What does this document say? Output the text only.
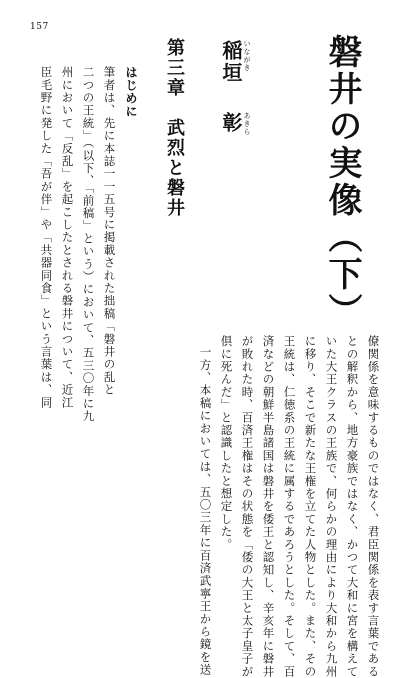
157
磐井の実像（下）
いながき
稲垣
あきら
彰
第三章　武烈と磐井
はじめに
筆者は、先に本誌一一五号に掲載された拙稿「磐井の乱と
二つの王統」（以下、「前稿」という）において、五三〇年に九
州において「反乱」を起こしたとされる磐井について、近江
臣毛野に発した「吾が伴」や「共器同食」という言葉は、同
僚関係を意味するものではなく、君臣関係を表す言葉である
との解釈から、地方豪族ではなく、かつて大和に宮を構えて
いた大王クラスの王族で、何らかの理由により大和から九州
に移り、そこで新たな王権を立てた人物とした。また、その
王統は、仁徳系の王統に属するであろうとした。そして、百
済などの朝鮮半島諸国は磐井を倭王と認知し、辛亥年に磐井
が敗れた時、百済王権はその状態を「倭の大王と太子皇子が
倶に死んだ」と認識したと想定した。
一方、本稿においては、五〇三年に百済武寧王から鏡を送
